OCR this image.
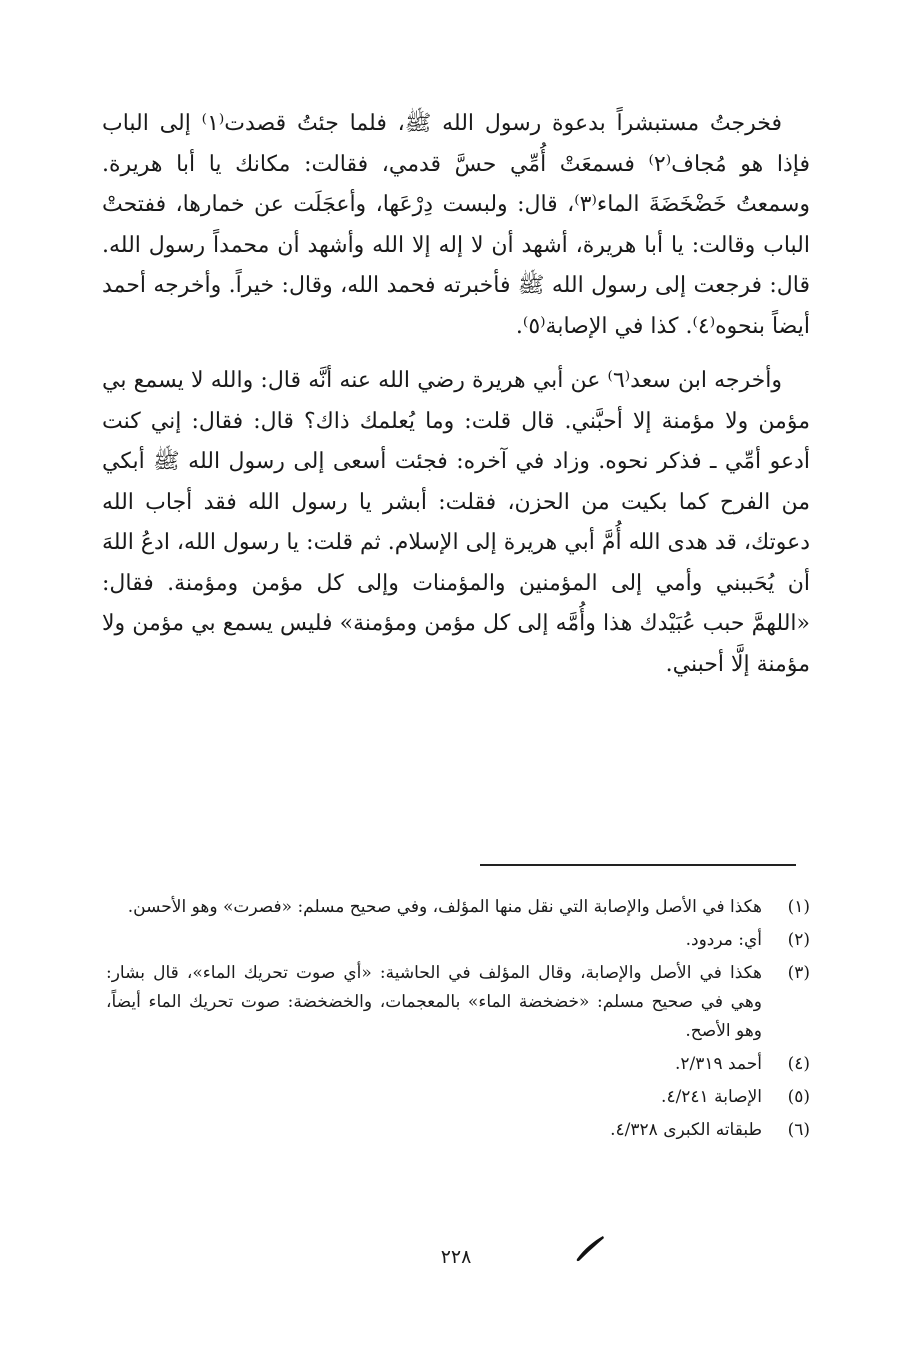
فخرجتُ مستبشراً بدعوة رسول الله ﷺ، فلما جئتُ قصدت⁽١⁾ إلى الباب فإذا هو مُجاف⁽٢⁾ فسمعَتْ أُمِّي حسَّ قدمي، فقالت: مكانك يا أبا هريرة. وسمعتُ خَضْخَضَةَ الماء⁽٣⁾، قال: ولبست دِرْعَها، وأعجَلَت عن خمارها، ففتحتْ الباب وقالت: يا أبا هريرة، أشهد أن لا إله إلا الله وأشهد أن محمداً رسول الله. قال: فرجعت إلى رسول الله ﷺ فأخبرته فحمد الله، وقال: خيراً. وأخرجه أحمد أيضاً بنحوه⁽٤⁾. كذا في الإصابة⁽٥⁾.

وأخرجه ابن سعد⁽٦⁾ عن أبي هريرة رضي الله عنه أنَّه قال: والله لا يسمع بي مؤمن ولا مؤمنة إلا أحبَّني. قال قلت: وما يُعلمك ذاك؟ قال: فقال: إني كنت أدعو أمِّي ـ فذكر نحوه. وزاد في آخره: فجئت أسعى إلى رسول الله ﷺ أبكي من الفرح كما بكيت من الحزن، فقلت: أبشر يا رسول الله فقد أجاب الله دعوتك، قد هدى الله أُمَّ أبي هريرة إلى الإسلام. ثم قلت: يا رسول الله، ادعُ اللهَ أن يُحَببني وأمي إلى المؤمنين والمؤمنات وإلى كل مؤمن ومؤمنة. فقال: «اللهمَّ حبب عُبَيْدك هذا وأُمَّه إلى كل مؤمن ومؤمنة» فليس يسمع بي مؤمن ولا مؤمنة إلَّا أحبني.

(١)
هكذا في الأصل والإصابة التي نقل منها المؤلف، وفي صحيح مسلم: «فصرت» وهو الأحسن.
(٢)
أي: مردود.
(٣)
هكذا في الأصل والإصابة، وقال المؤلف في الحاشية: «أي صوت تحريك الماء»، قال بشار: وهي في صحيح مسلم: «خضخضة الماء» بالمعجمات، والخضخضة: صوت تحريك الماء أيضاً، وهو الأصح.
(٤)
أحمد ٢/٣١٩.
(٥)
الإصابة ٤/٢٤١.
(٦)
طبقاته الكبرى ٤/٣٢٨.
٢٢٨
